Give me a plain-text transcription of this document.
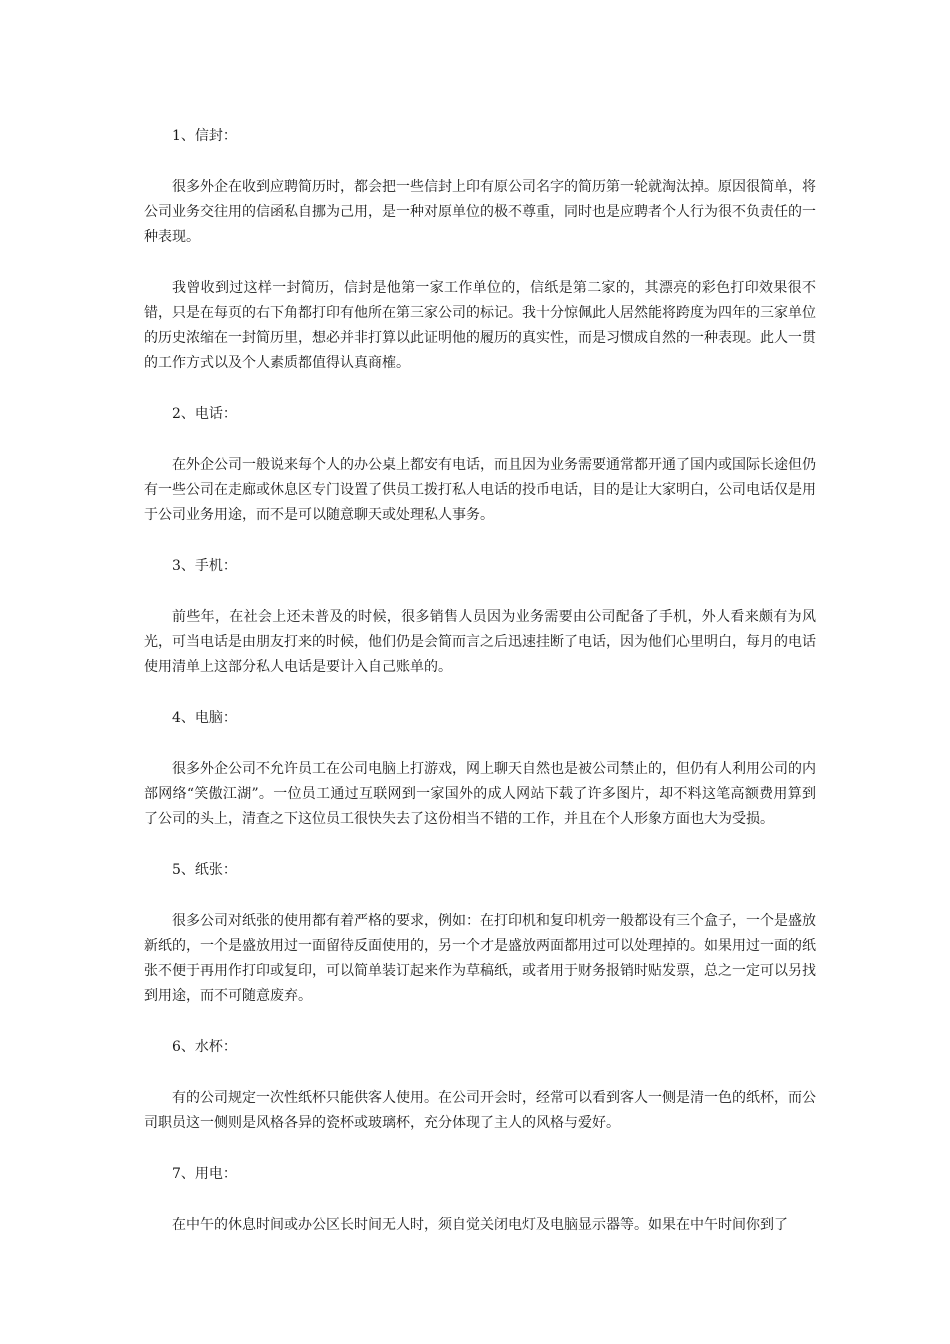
1、信封：

很多外企在收到应聘简历时，都会把一些信封上印有原公司名字的简历第一轮就淘汰掉。原因很简单，将公司业务交往用的信函私自挪为己用，是一种对原单位的极不尊重，同时也是应聘者个人行为很不负责任的一种表现。

我曾收到过这样一封简历，信封是他第一家工作单位的，信纸是第二家的，其漂亮的彩色打印效果很不错，只是在每页的右下角都打印有他所在第三家公司的标记。我十分惊佩此人居然能将跨度为四年的三家单位的历史浓缩在一封简历里，想必并非打算以此证明他的履历的真实性，而是习惯成自然的一种表现。此人一贯的工作方式以及个人素质都值得认真商榷。

2、电话：

在外企公司一般说来每个人的办公桌上都安有电话，而且因为业务需要通常都开通了国内或国际长途但仍有一些公司在走廊或休息区专门设置了供员工拨打私人电话的投币电话，目的是让大家明白，公司电话仅是用于公司业务用途，而不是可以随意聊天或处理私人事务。

3、手机：

前些年，在社会上还未普及的时候，很多销售人员因为业务需要由公司配备了手机，外人看来颇有为风光，可当电话是由朋友打来的时候，他们仍是会简而言之后迅速挂断了电话，因为他们心里明白，每月的电话使用清单上这部分私人电话是要计入自己账单的。

4、电脑：

很多外企公司不允许员工在公司电脑上打游戏，网上聊天自然也是被公司禁止的，但仍有人利用公司的内部网络“笑傲江湖”。一位员工通过互联网到一家国外的成人网站下载了许多图片，却不料这笔高额费用算到了公司的头上，清查之下这位员工很快失去了这份相当不错的工作，并且在个人形象方面也大为受损。

5、纸张：

很多公司对纸张的使用都有着严格的要求，例如：在打印机和复印机旁一般都设有三个盒子，一个是盛放新纸的，一个是盛放用过一面留待反面使用的，另一个才是盛放两面都用过可以处理掉的。如果用过一面的纸张不便于再用作打印或复印，可以简单装订起来作为草稿纸，或者用于财务报销时贴发票，总之一定可以另找到用途，而不可随意废弃。

6、水杯：

有的公司规定一次性纸杯只能供客人使用。在公司开会时，经常可以看到客人一侧是清一色的纸杯，而公司职员这一侧则是风格各异的瓷杯或玻璃杯，充分体现了主人的风格与爱好。

7、用电：

在中午的休息时间或办公区长时间无人时，须自觉关闭电灯及电脑显示器等。如果在中午时间你到了
